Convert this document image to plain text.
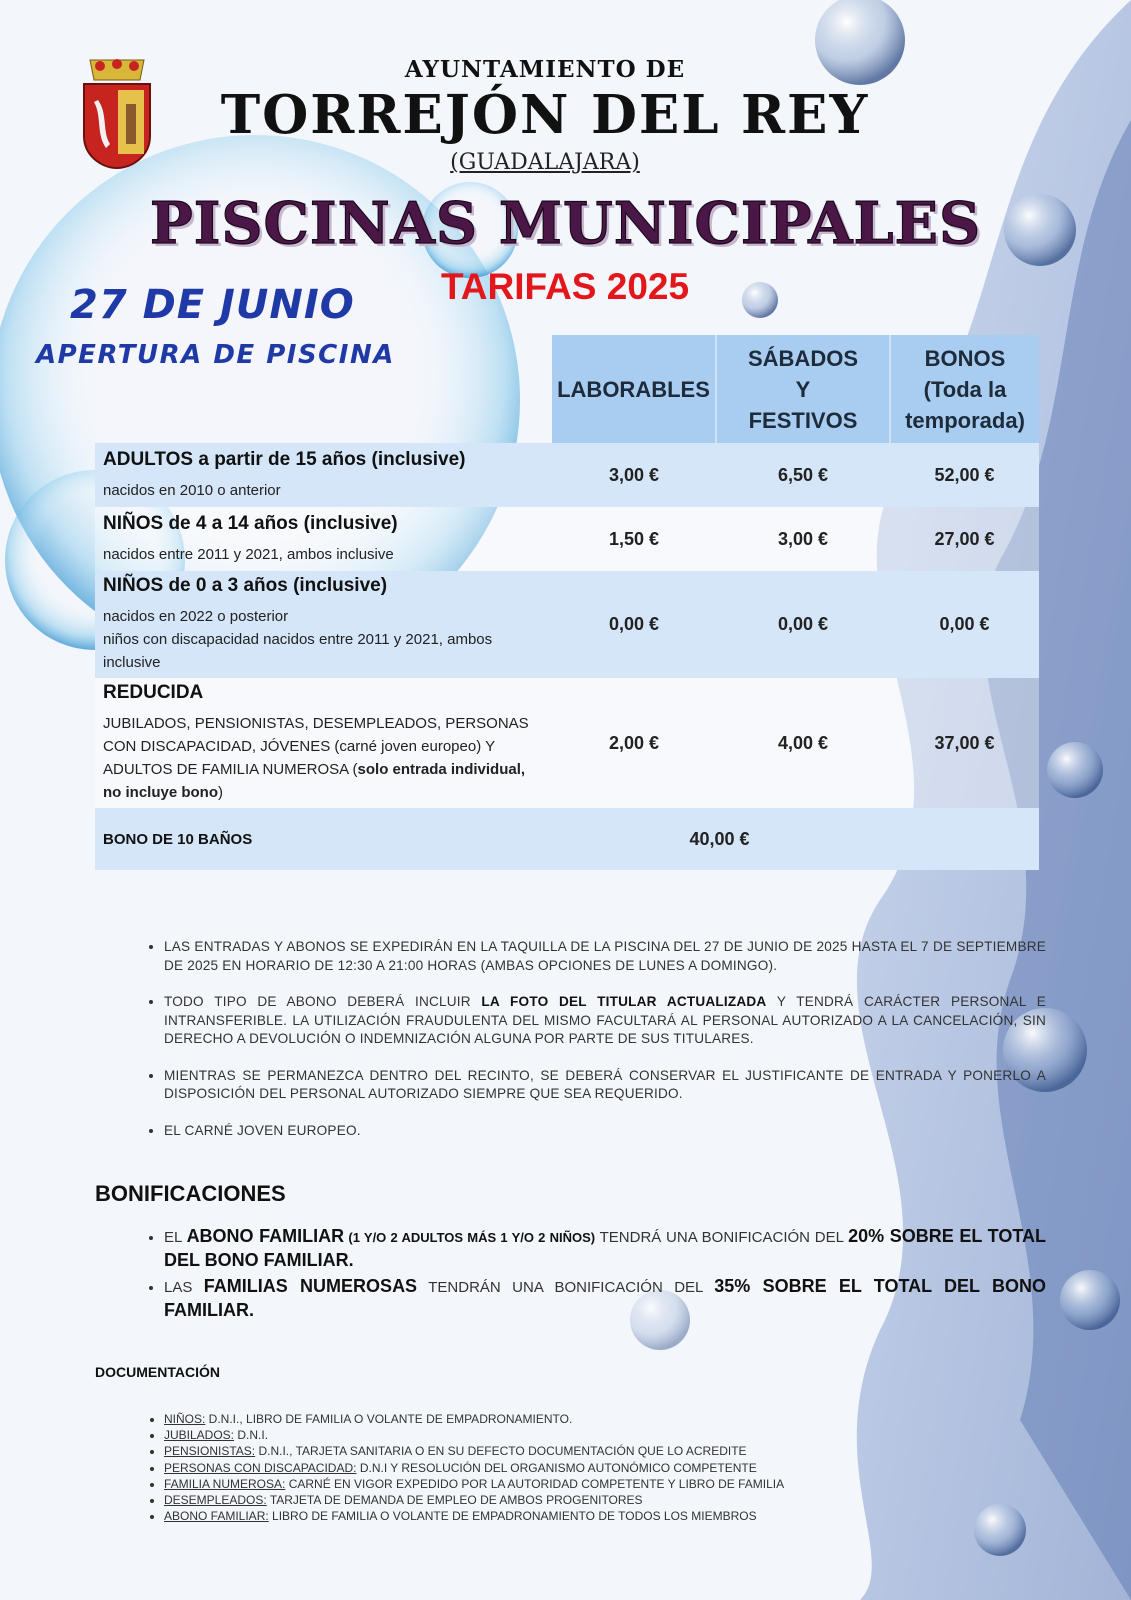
AYUNTAMIENTO DE
TORREJÓN DEL REY
(GUADALAJARA)
PISCINAS MUNICIPALES
TARIFAS 2025
27 DE JUNIO
APERTURA DE PISCINA
	LABORABLES	SÁBADOS Y FESTIVOS	BONOS (Toda la temporada)

ADULTOS a partir de 15 años (inclusive)
nacidos en 2010 o anterior	3,00 €	6,50 €	52,00 €

NIÑOS de 4 a 14 años (inclusive)
nacidos entre 2011 y 2021, ambos inclusive	1,50 €	3,00 €	27,00 €

NIÑOS de 0 a 3 años (inclusive)
nacidos en 2022 o posterior
niños con discapacidad nacidos entre 2011 y 2021, ambos inclusive	0,00 €	0,00 €	0,00 €

REDUCIDA
JUBILADOS, PENSIONISTAS, DESEMPLEADOS, PERSONAS CON DISCAPACIDAD, JÓVENES (carné joven europeo) Y ADULTOS DE FAMILIA NUMEROSA (solo entrada individual, no incluye bono)	2,00 €	4,00 €	37,00 €
BONO DE 10 BAÑOS	40,00 €		
• LAS ENTRADAS Y ABONOS SE EXPEDIRÁN EN LA TAQUILLA DE LA PISCINA DEL 27 DE JUNIO DE 2025 HASTA EL 7 DE SEPTIEMBRE DE 2025 EN HORARIO DE 12:30 A 21:00 HORAS (AMBAS OPCIONES DE LUNES A DOMINGO).
• TODO TIPO DE ABONO DEBERÁ INCLUIR LA FOTO DEL TITULAR ACTUALIZADA Y TENDRÁ CARÁCTER PERSONAL E INTRANSFERIBLE. LA UTILIZACIÓN FRAUDULENTA DEL MISMO FACULTARÁ AL PERSONAL AUTORIZADO A LA CANCELACIÓN, SIN DERECHO A DEVOLUCIÓN O INDEMNIZACIÓN ALGUNA POR PARTE DE SUS TITULARES.
• MIENTRAS SE PERMANEZCA DENTRO DEL RECINTO, SE DEBERÁ CONSERVAR EL JUSTIFICANTE DE ENTRADA Y PONERLO A DISPOSICIÓN DEL PERSONAL AUTORIZADO SIEMPRE QUE SEA REQUERIDO.
• EL CARNÉ JOVEN EUROPEO.
BONIFICACIONES
• EL ABONO FAMILIAR (1 Y/O 2 ADULTOS MÁS 1 Y/O 2 NIÑOS) TENDRÁ UNA BONIFICACIÓN DEL 20% SOBRE EL TOTAL DEL BONO FAMILIAR.
• LAS FAMILIAS NUMEROSAS TENDRÁN UNA BONIFICACIÓN DEL 35% SOBRE EL TOTAL DEL BONO FAMILIAR.
DOCUMENTACIÓN
• NIÑOS: D.N.I., LIBRO DE FAMILIA O VOLANTE DE EMPADRONAMIENTO.
• JUBILADOS: D.N.I.
• PENSIONISTAS: D.N.I., TARJETA SANITARIA O EN SU DEFECTO DOCUMENTACIÓN QUE LO ACREDITE
• PERSONAS CON DISCAPACIDAD: D.N.I Y RESOLUCIÓN DEL ORGANISMO AUTONÓMICO COMPETENTE
• FAMILIA NUMEROSA: CARNÉ EN VIGOR EXPEDIDO POR LA AUTORIDAD COMPETENTE Y LIBRO DE FAMILIA
• DESEMPLEADOS: TARJETA DE DEMANDA DE EMPLEO DE AMBOS PROGENITORES
• ABONO FAMILIAR: LIBRO DE FAMILIA O VOLANTE DE EMPADRONAMIENTO DE TODOS LOS MIEMBROS
